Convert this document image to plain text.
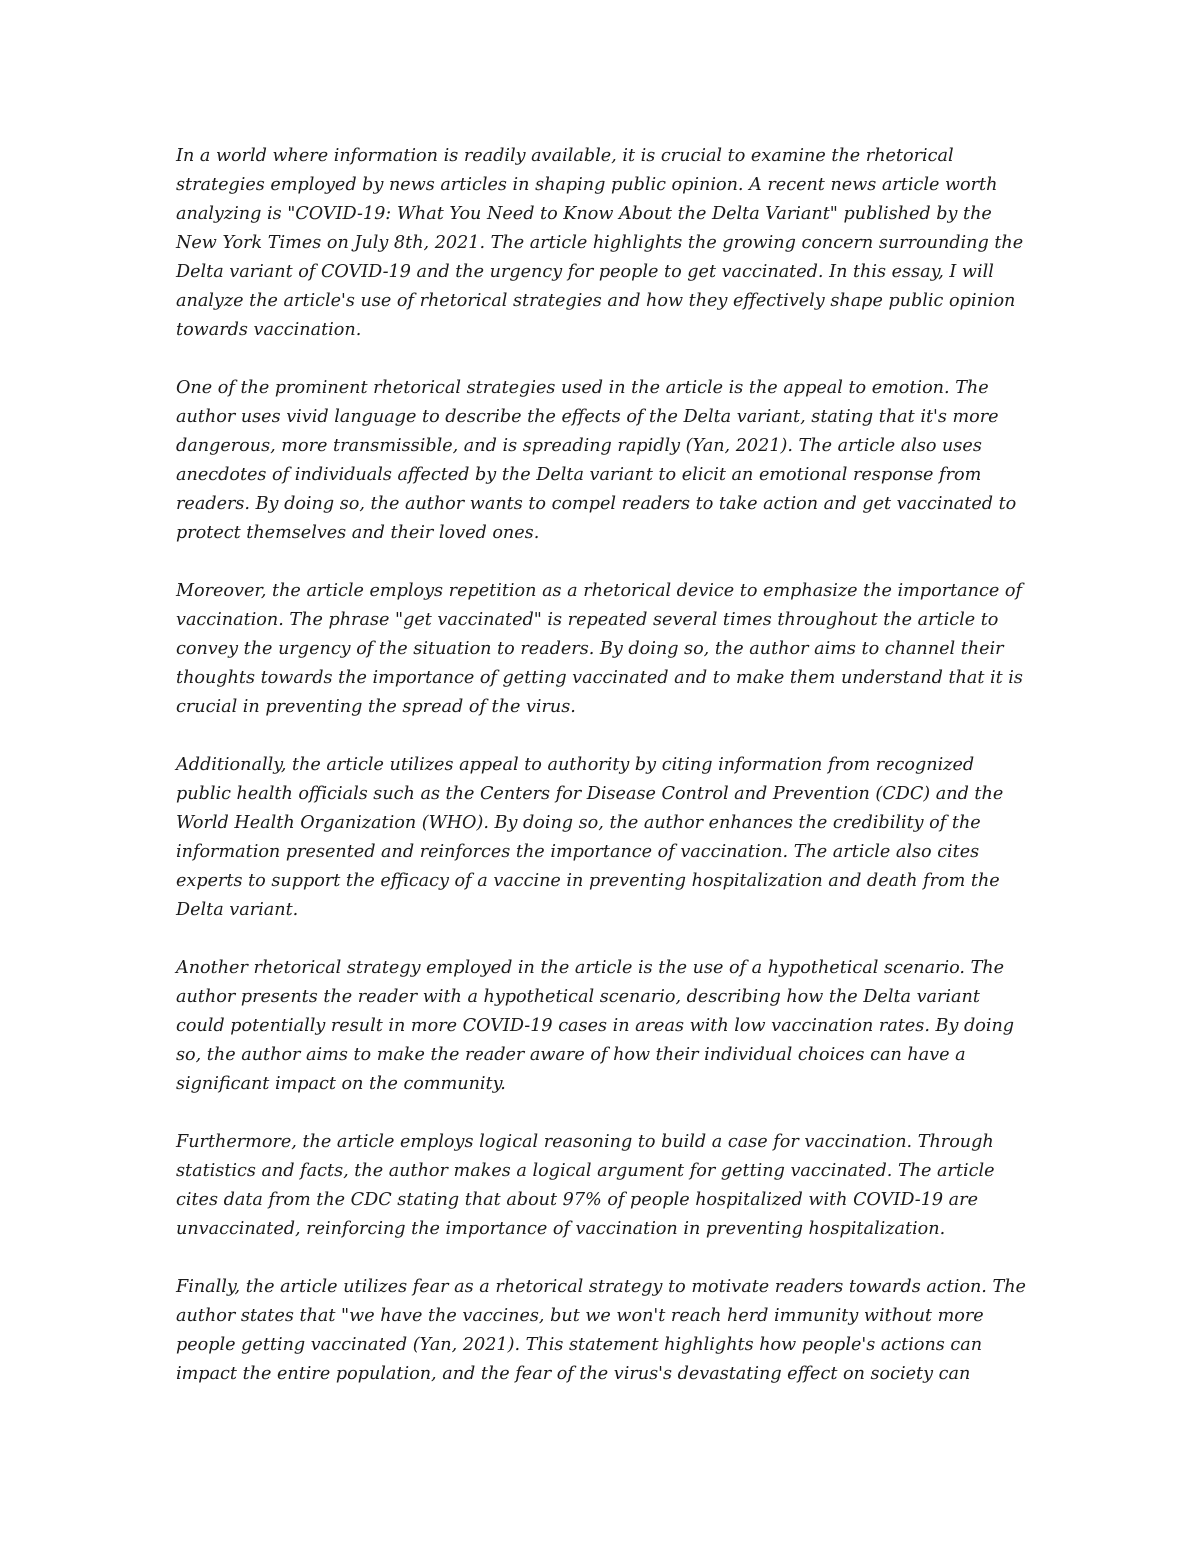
In a world where information is readily available, it is crucial to examine the rhetorical strategies employed by news articles in shaping public opinion. A recent news article worth analyzing is "COVID-19: What You Need to Know About the Delta Variant" published by the New York Times on July 8th, 2021. The article highlights the growing concern surrounding the Delta variant of COVID-19 and the urgency for people to get vaccinated. In this essay, I will analyze the article's use of rhetorical strategies and how they effectively shape public opinion towards vaccination.

One of the prominent rhetorical strategies used in the article is the appeal to emotion. The author uses vivid language to describe the effects of the Delta variant, stating that it's more dangerous, more transmissible, and is spreading rapidly (Yan, 2021). The article also uses anecdotes of individuals affected by the Delta variant to elicit an emotional response from readers. By doing so, the author wants to compel readers to take action and get vaccinated to protect themselves and their loved ones.

Moreover, the article employs repetition as a rhetorical device to emphasize the importance of vaccination. The phrase "get vaccinated" is repeated several times throughout the article to convey the urgency of the situation to readers. By doing so, the author aims to channel their thoughts towards the importance of getting vaccinated and to make them understand that it is crucial in preventing the spread of the virus.

Additionally, the article utilizes appeal to authority by citing information from recognized public health officials such as the Centers for Disease Control and Prevention (CDC) and the World Health Organization (WHO). By doing so, the author enhances the credibility of the information presented and reinforces the importance of vaccination. The article also cites experts to support the efficacy of a vaccine in preventing hospitalization and death from the Delta variant.

Another rhetorical strategy employed in the article is the use of a hypothetical scenario. The author presents the reader with a hypothetical scenario, describing how the Delta variant could potentially result in more COVID-19 cases in areas with low vaccination rates. By doing so, the author aims to make the reader aware of how their individual choices can have a significant impact on the community.

Furthermore, the article employs logical reasoning to build a case for vaccination. Through statistics and facts, the author makes a logical argument for getting vaccinated. The article cites data from the CDC stating that about 97% of people hospitalized with COVID-19 are unvaccinated, reinforcing the importance of vaccination in preventing hospitalization.

Finally, the article utilizes fear as a rhetorical strategy to motivate readers towards action. The author states that "we have the vaccines, but we won't reach herd immunity without more people getting vaccinated (Yan, 2021). This statement highlights how people's actions can impact the entire population, and the fear of the virus's devastating effect on society can
